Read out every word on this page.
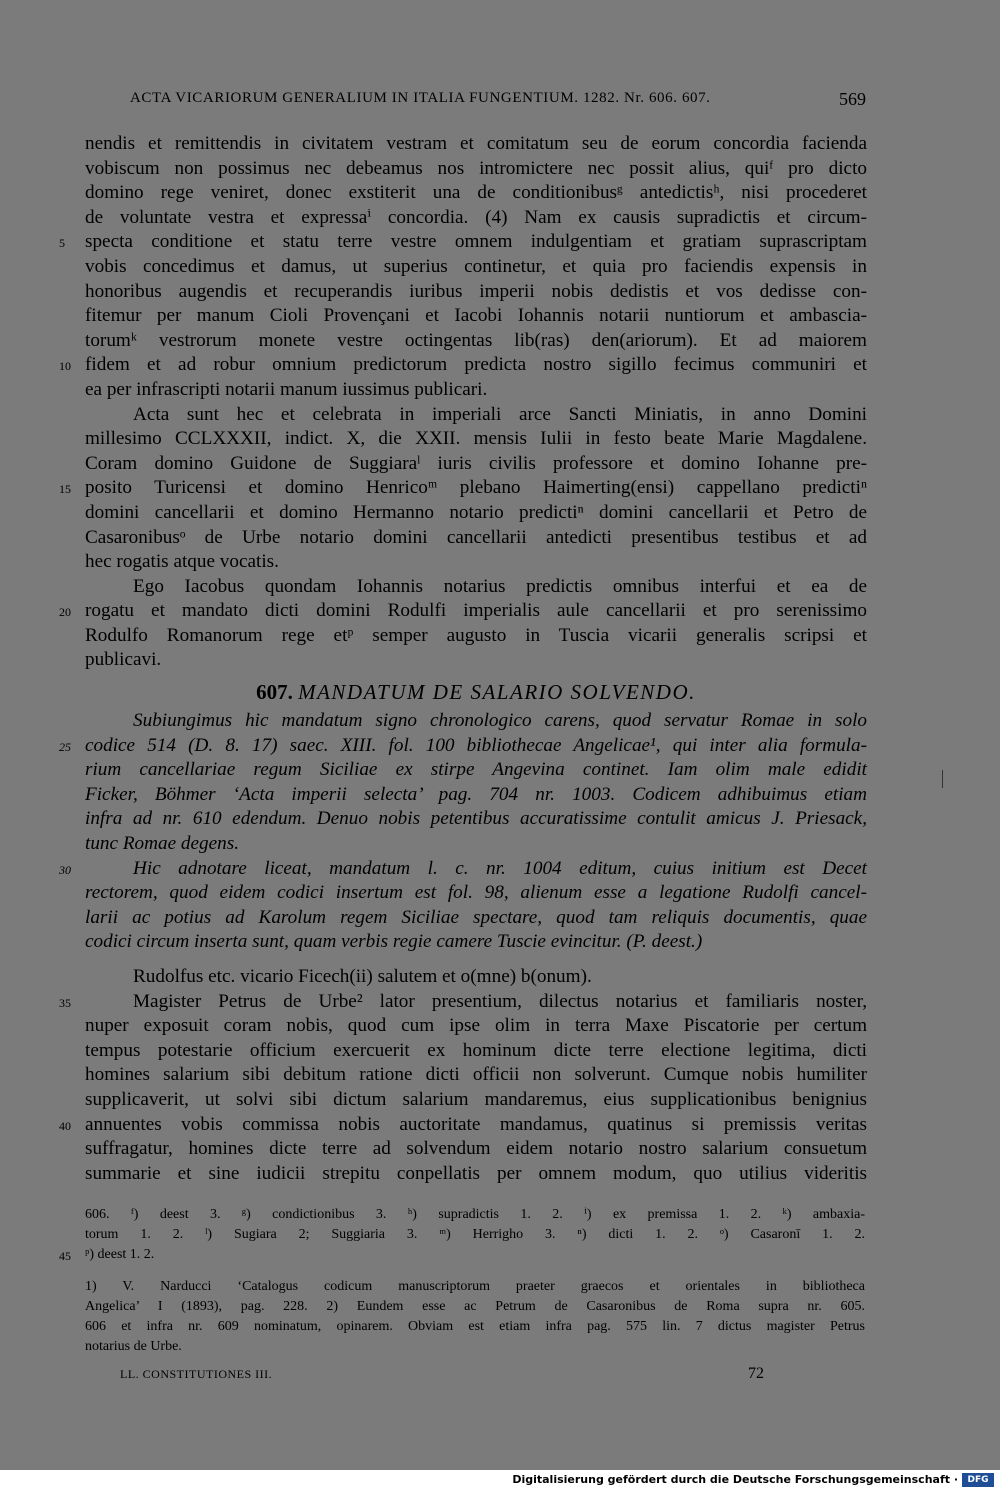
ACTA VICARIORUM GENERALIUM IN ITALIA FUNGENTIUM. 1282. Nr. 606. 607.	569
nendis et remittendis in civitatem vestram et comitatum seu de eorum concordia facienda
vobiscum non possimus nec debeamus nos intromictere nec possit alius, quiᶠ pro dicto
domino rege veniret, donec exstiterit una de conditionibusᵍ antedictisʰ, nisi procederet
de voluntate vestra et expressaⁱ concordia. (4) Nam ex causis supradictis et circum-
5	specta conditione et statu terre vestre omnem indulgentiam et gratiam suprascriptam
vobis concedimus et damus, ut superius continetur, et quia pro faciendis expensis in
honoribus augendis et recuperandis iuribus imperii nobis dedistis et vos dedisse con-
fitemur per manum Cioli Provençani et Iacobi Iohannis notarii nuntiorum et ambascia-
torumᵏ vestrorum monete vestre octingentas lib(ras) den(ariorum). Et ad maiorem
10 fidem et ad robur omnium predictorum predicta nostro sigillo fecimus communiri et
ea per infrascripti notarii manum iussimus publicari.
Acta sunt hec et celebrata in imperiali arce Sancti Miniatis, in anno Domini
millesimo CCLXXXII, indict. X, die XXII. mensis Iulii in festo beate Marie Magdalene.
Coram domino Guidone de Suggiaraˡ iuris civilis professore et domino Iohanne pre-
15 posito Turicensi et domino Henricoᵐ plebano Haimerting(ensi) cappellano predictiⁿ
domini cancellarii et domino Hermanno notario predictiⁿ domini cancellarii et Petro de
Casaronibusᵒ de Urbe notario domini cancellarii antedicti presentibus testibus et ad
hec rogatis atque vocatis.
Ego Iacobus quondam Iohannis notarius predictis omnibus interfui et ea de
20 rogatu et mandato dicti domini Rodulfi imperialis aule cancellarii et pro serenissimo
Rodulfo Romanorum rege etᵖ semper augusto in Tuscia vicarii generalis scripsi et
publicavi.
607. MANDATUM DE SALARIO SOLVENDO.
Subiungimus hic mandatum signo chronologico carens, quod servatur Romae in solo
25 codice 514 (D. 8. 17) saec. XIII. fol. 100 bibliothecae Angelicae¹, qui inter alia formula-
rium cancellariae regum Siciliae ex stirpe Angevina continet. Iam olim male edidit
Ficker, Böhmer ‘Acta imperii selecta’ pag. 704 nr. 1003. Codicem adhibuimus etiam
infra ad nr. 610 edendum. Denuo nobis petentibus accuratissime contulit amicus J. Priesack,
tunc Romae degens.
30	Hic adnotare liceat, mandatum l. c. nr. 1004 editum, cuius initium est Decet
rectorem, quod eidem codici insertum est fol. 98, alienum esse a legatione Rudolfi cancel-
larii ac potius ad Karolum regem Siciliae spectare, quod tam reliquis documentis, quae
codici circum inserta sunt, quam verbis regie camere Tuscie evincitur. (P. deest.)
Rudolfus etc. vicario Ficech(ii) salutem et o(mne) b(onum).
35	Magister Petrus de Urbe² lator presentium, dilectus notarius et familiaris noster,
nuper exposuit coram nobis, quod cum ipse olim in terra Maxe Piscatorie per certum
tempus potestarie officium exercuerit ex hominum dicte terre electione legitima, dicti
homines salarium sibi debitum ratione dicti officii non solverunt. Cumque nobis humiliter
supplicaverit, ut solvi sibi dictum salarium mandaremus, eius supplicationibus benignius
40 annuentes vobis commissa nobis auctoritate mandamus, quatinus si premissis veritas
suffragatur, homines dicte terre ad solvendum eidem notario nostro salarium consuetum
summarie et sine iudicii strepitu conpellatis per omnem modum, quo utilius videritis
606. ᶠ) deest 3. ᵍ) condictionibus 3. ʰ) supradictis 1. 2. ⁱ) ex premissa 1. 2. ᵏ) ambaxia-
torum 1. 2. ˡ) Sugiara 2; Suggiaria 3. ᵐ) Herrigho 3. ⁿ) dicti 1. 2. ᵒ) Casaronī 1. 2.
45 ᵖ) deest 1. 2.
1) V. Narducci ‘Catalogus codicum manuscriptorum praeter graecos et orientales in bibliotheca
Angelica’ I (1893), pag. 228. 2) Eundem esse ac Petrum de Casaronibus de Roma supra nr. 605.
606 et infra nr. 609 nominatum, opinarem. Obviam est etiam infra pag. 575 lin. 7 dictus magister Petrus
notarius de Urbe.
LL. CONSTITUTIONES III.	72
Digitalisierung gefördert durch die Deutsche Forschungsgemeinschaft ·	DFG
